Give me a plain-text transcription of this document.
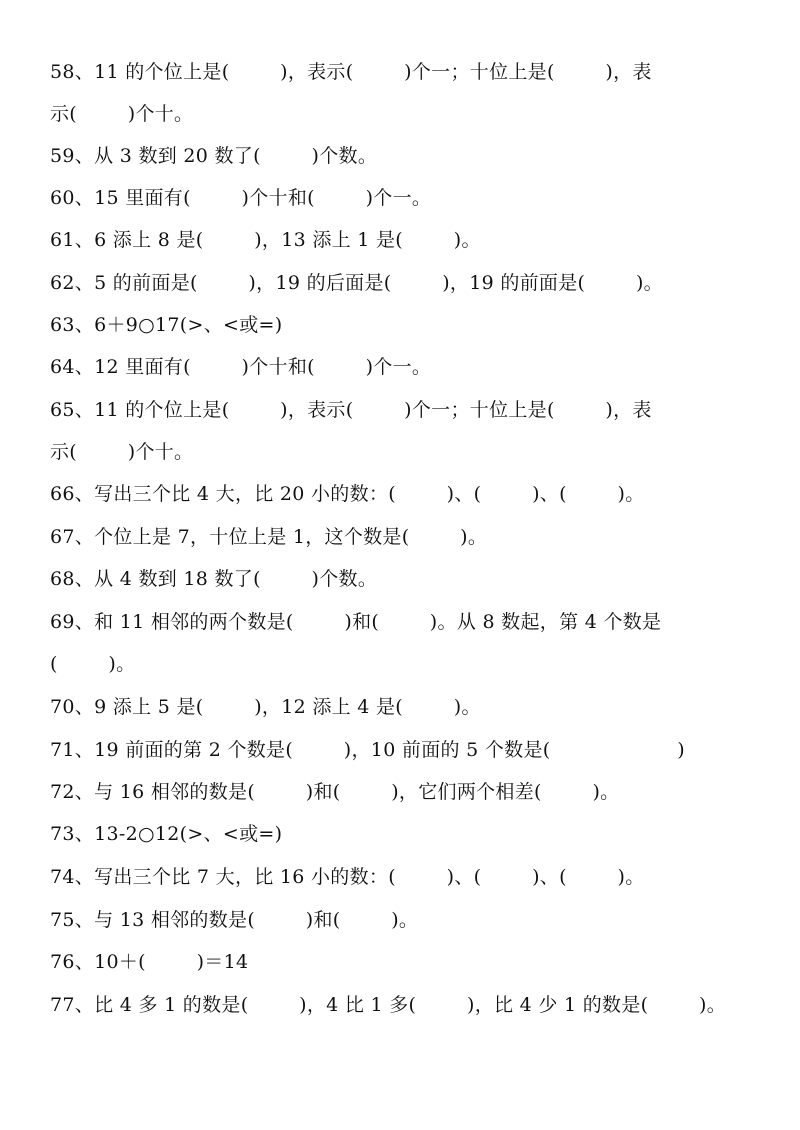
58、11 的个位上是(        )，表示(        )个一；十位上是(        )，表
示(        )个十。
59、从 3 数到 20 数了(        )个数。
60、15 里面有(        )个十和(        )个一。
61、6 添上 8 是(        )，13 添上 1 是(        )。
62、5 的前面是(        )，19 的后面是(        )，19 的前面是(        )。
63、6＋9○17(>、<或=)
64、12 里面有(        )个十和(        )个一。
65、11 的个位上是(        )，表示(        )个一；十位上是(        )，表
示(        )个十。
66、写出三个比 4 大，比 20 小的数：(        )、(        )、(        )。
67、个位上是 7，十位上是 1，这个数是(        )。
68、从 4 数到 18 数了(        )个数。
69、和 11 相邻的两个数是(        )和(        )。从 8 数起，第 4 个数是
(        )。
70、9 添上 5 是(        )，12 添上 4 是(        )。
71、19 前面的第 2 个数是(        )，10 前面的 5 个数是(                    )
72、与 16 相邻的数是(        )和(        )，它们两个相差(        )。
73、13-2○12(>、<或=)
74、写出三个比 7 大，比 16 小的数：(        )、(        )、(        )。
75、与 13 相邻的数是(        )和(        )。
76、10＋(        )＝14
77、比 4 多 1 的数是(        )，4 比 1 多(        )，比 4 少 1 的数是(        )。
